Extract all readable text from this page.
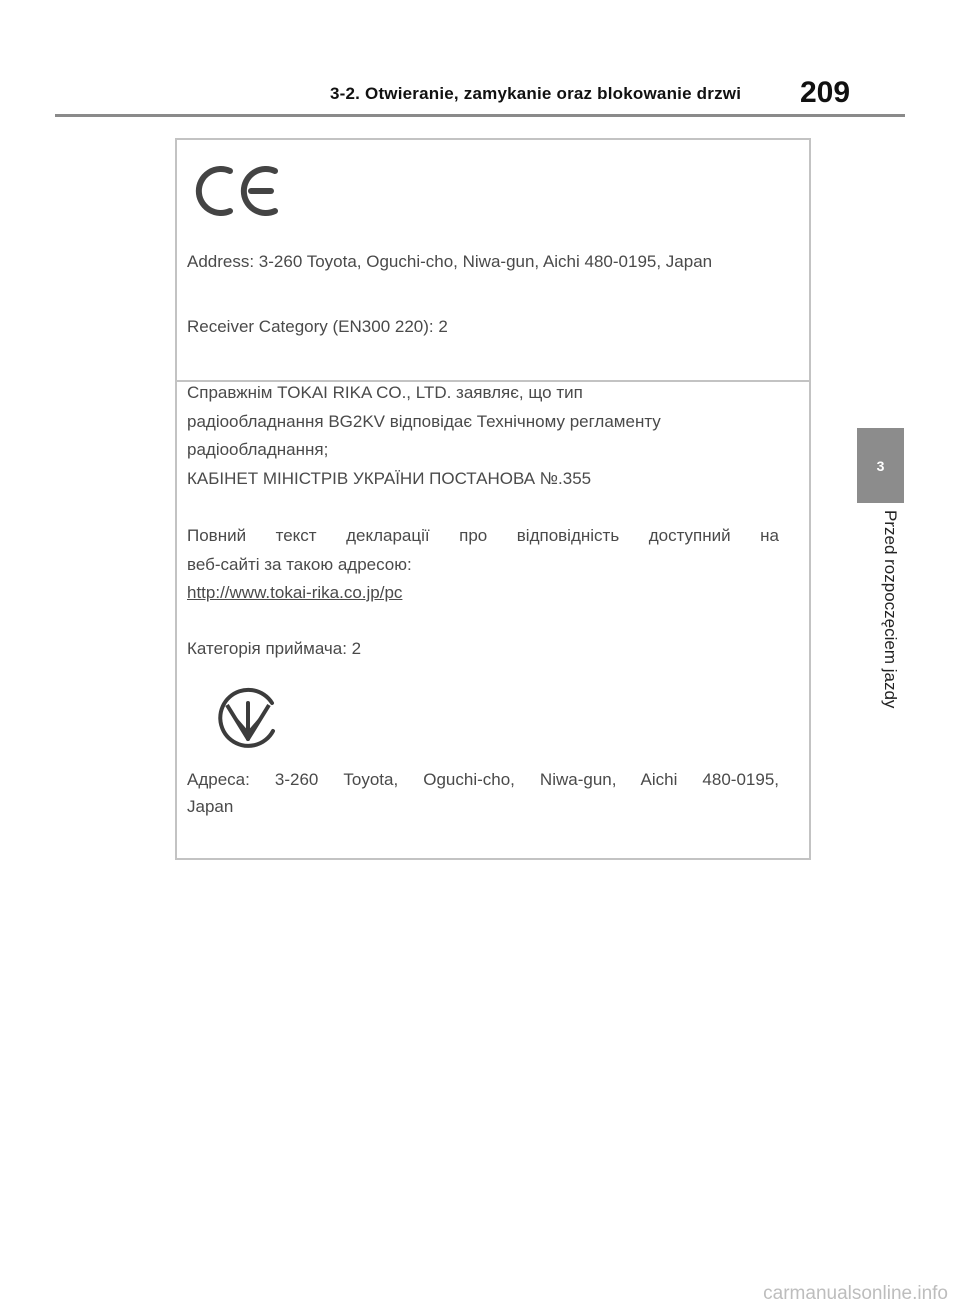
3-2. Otwieranie, zamykanie oraz blokowanie drzwi 209
3
Przed rozpoczęciem jazdy
Address: 3-260 Toyota, Oguchi-cho, Niwa-gun, Aichi 480-0195, Japan
Receiver Category (EN300 220): 2
Справжнім TOKAI RIKA CO., LTD. заявляє, що тип
радіообладнання BG2KV відповідає Технічному регламенту
радіообладнання;
КАБІНЕТ МІНІСТРІВ УКРАЇНИ ПОСТАНОВА №.355
Повний текст декларації про відповідність доступний на
веб-сайті за такою адресою:
http://www.tokai-rika.co.jp/pc
Категорія приймача: 2
Адреса: 3-260 Toyota, Oguchi-cho, Niwa-gun, Aichi 480-0195,
Japan
carmanualsonline.info
